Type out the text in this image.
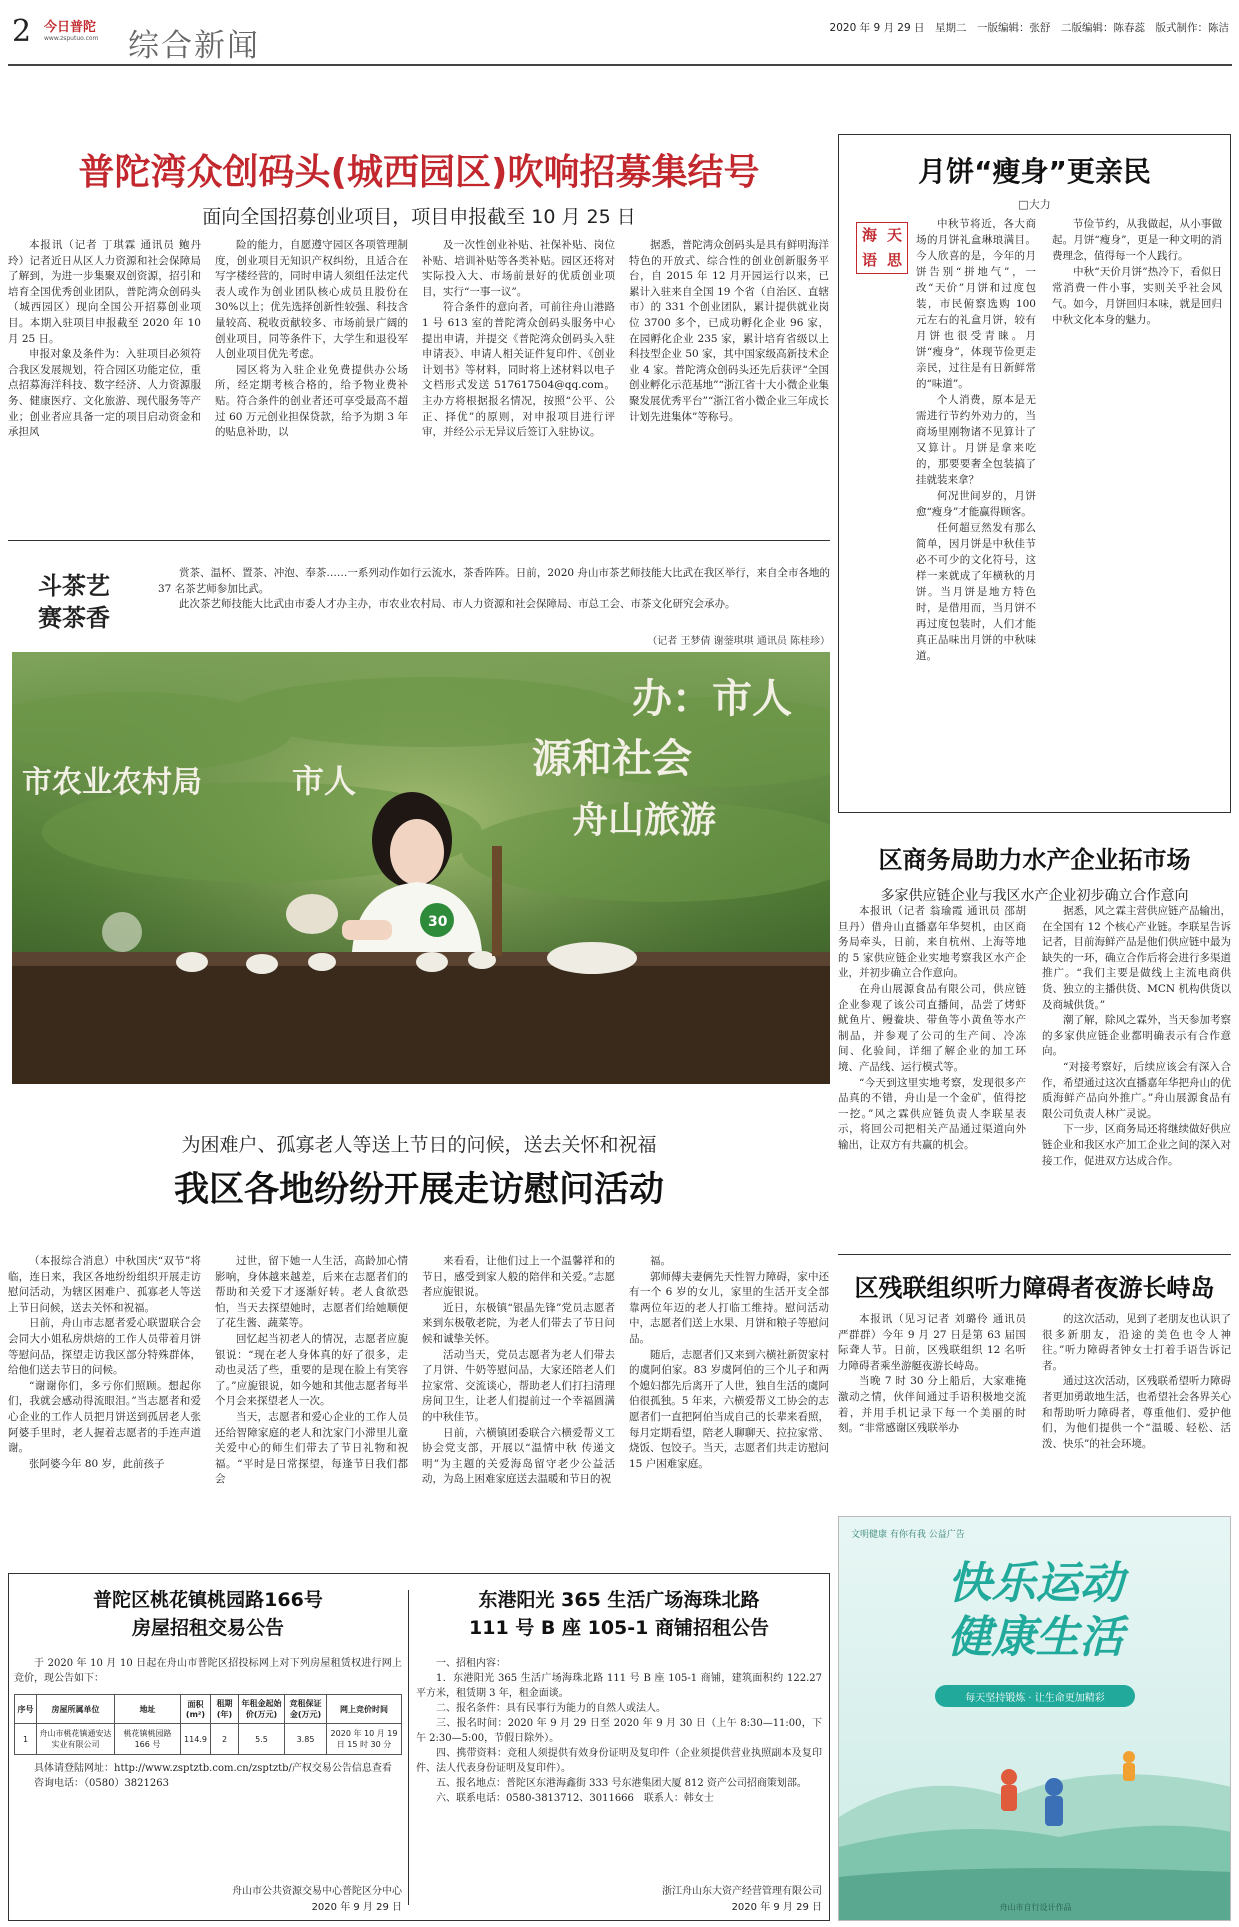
2 今日普陀
www.zsputuo.com 综合新闻	2020 年 9 月 29 日　星期二　一版编辑：张舒　二版编辑：陈春蕊　版式制作：陈洁
普陀湾众创码头(城西园区)吹响招募集结号
面向全国招募创业项目，项目申报截至 10 月 25 日

本报讯（记者 丁琪霖 通讯员 鲍丹玲）记者近日从区人力资源和社会保障局了解到，为进一步集聚双创资源，招引和培育全国优秀创业团队，普陀湾众创码头（城西园区）现向全国公开招募创业项目。本期入驻项目申报截至 2020 年 10 月 25 日。

申报对象及条件为：入驻项目必须符合我区发展规划，符合园区功能定位，重点招募海洋科技、数字经济、人力资源服务、健康医疗、文化旅游、现代服务等产业；创业者应具备一定的项目启动资金和承担风

险的能力，自愿遵守园区各项管理制度，创业项目无知识产权纠纷，且适合在写字楼经营的，同时申请人须组任法定代表人或作为创业团队核心成员且股份在 30%以上；优先选择创新性较强、科技含量较高、税收贡献较多、市场前景广阔的创业项目，同等条件下，大学生和退役军人创业项目优先考虑。

园区将为入驻企业免费提供办公场所，经定期考核合格的，给予物业费补贴。符合条件的创业者还可享受最高不超过 60 万元创业担保贷款，给予为期 3 年的贴息补助，以

及一次性创业补贴、社保补贴、岗位补贴、培训补贴等各类补贴。园区还将对实际投入大、市场前景好的优质创业项目，实行“一事一议”。

符合条件的意向者，可前往舟山港路 1 号 613 室的普陀湾众创码头服务中心提出申请，并提交《普陀湾众创码头入驻申请表》、申请人相关证件复印件、《创业计划书》等材料，同时将上述材料以电子文档形式发送 517617504@qq.com。主办方将根据报名情况，按照“公平、公正、择优”的原则，对申报项目进行评审，并经公示无异议后签订入驻协议。

据悉，普陀湾众创码头是具有鲜明海洋特色的开放式、综合性的创业创新服务平台，自 2015 年 12 月开园运行以来，已累计入驻来自全国 19 个省（自治区、直辖市）的 331 个创业团队，累计提供就业岗位 3700 多个，已成功孵化企业 96 家，在园孵化企业 235 家，累计培育省级以上科技型企业 50 家，其中国家级高新技术企业 4 家。普陀湾众创码头还先后获评“全国创业孵化示范基地”“浙江省十大小微企业集聚发展优秀平台”“浙江省小微企业三年成长计划先进集体”等称号。

斗茶艺
赛茶香

赏茶、温杯、置茶、冲泡、奉茶……一系列动作如行云流水，茶香阵阵。日前，2020 舟山市茶艺师技能大比武在我区举行，来自全市各地的 37 名茶艺师参加比武。

此次茶艺师技能大比武由市委人才办主办，市农业农村局、市人力资源和社会保障局、市总工会、市茶文化研究会承办。

（记者 王梦倩 谢蓥琪琪 通讯员 陈桂珍）
办：市人
源和社会
舟山旅游
市农业农村局	市人
30
为困难户、孤寡老人等送上节日的问候，送去关怀和祝福
我区各地纷纷开展走访慰问活动

（本报综合消息）中秋国庆“双节”将临，连日来，我区各地纷纷组织开展走访慰问活动，为辖区困难户、孤寡老人等送上节日问候，送去关怀和祝福。

日前，舟山市志愿者爱心联盟联合会会同大小姐私房烘焙的工作人员带着月饼等慰问品，探望走访我区部分特殊群体，给他们送去节日的问候。

“谢谢你们，多亏你们照顾。想起你们，我就会感动得流眼泪。”当志愿者和爱心企业的工作人员把月饼送到孤居老人张阿婆手里时，老人握着志愿者的手连声道谢。

张阿婆今年 80 岁，此前孩子

过世，留下她一人生活，高龄加心情影响，身体越来越差，后来在志愿者们的帮助和关爱下才逐渐好转。老人食欲恐怕，当天去探望她时，志愿者们给她顺便了花生酱、蔬菜等。

回忆起当初老人的情况，志愿者应旎银说：“现在老人身体真的好了很多，走动也灵活了些，重要的是现在脸上有笑容了。”应旎银说，如今她和其他志愿者每半个月会来探望老人一次。

当天，志愿者和爱心企业的工作人员还给智障家庭的老人和沈家门小滞里儿童关爱中心的师生们带去了节日礼物和祝福。“平时是日常探望，每逢节日我们都会

来看看，让他们过上一个温馨祥和的节日，感受到家人般的陪伴和关爱。”志愿者应旎银说。

近日，东极镇“银晶先锋”党员志愿者来到东极敬老院，为老人们带去了节日问候和诚挚关怀。

活动当天，党员志愿者为老人们带去了月饼、牛奶等慰问品，大家还陪老人们拉家常、交流谈心，帮助老人们打扫清理房间卫生，让老人们提前过一个幸福圆满的中秋佳节。

日前，六横镇团委联合六横爱帮义工协会党支部，开展以“温情中秋 传递文明”为主题的关爱海岛留守老少公益活动，为岛上困难家庭送去温暖和节日的祝

福。

郭师傅夫妻俩先天性智力障碍，家中还有一个 6 岁的女儿，家里的生活开支全部靠两位年迈的老人打临工维持。慰问活动中，志愿者们送上水果、月饼和粮子等慰问品。

随后，志愿者们又来到六横社新贺家村的虞阿伯家。83 岁虞阿伯的三个儿子和两个媳妇都先后离开了人世，独自生活的虞阿伯很孤独。5 年来，六横爱帮义工协会的志愿者们一直把阿伯当成自己的长辈来看照，每月定期看望，陪老人聊聊天、拉拉家常、烧饭、包饺子。当天，志愿者们共走访慰问 15 户困难家庭。

普陀区桃花镇桃园路166号
房屋招租交易公告
于 2020 年 10 月 10 日起在舟山市普陀区招投标网上对下列房屋租赁权进行网上竞价，现公告如下：
序号	房屋所属单位	地址	面积(m²)	租期(年)	年租金起始价(万元)	竞租保证金(万元)	网上竞价时间
1	舟山市桃花镇通安达实业有限公司	桃花镇桃园路 166 号	114.9	2	5.5	3.85	2020 年 10 月 19 日 15 时 30 分
具体请登陆网址：http://www.zsptztb.com.cn/zsptztb/产权交易公告信息查看
咨询电话：（0580）3821263
舟山市公共资源交易中心普陀区分中心
2020 年 9 月 29 日
东港阳光 365 生活广场海珠北路
111 号 B 座 105-1 商铺招租公告

一、招租内容：

1．东港阳光 365 生活广场海珠北路 111 号 B 座 105-1 商铺，建筑面积约 122.27 平方米，租赁期 3 年，租金面谈。

二、报名条件：具有民事行为能力的自然人或法人。

三、报名时间：2020 年 9 月 29 日至 2020 年 9 月 30 日（上午 8:30—11:00，下午 2:30—5:00，节假日除外）。

四、携带资料：竞租人须提供有效身份证明及复印件（企业须提供营业执照副本及复印件、法人代表身份证明及复印件）。

五、报名地点：普陀区东港海鑫街 333 号东港集团大厦 812 资产公司招商策划部。

六、联系电话：0580-3813712、3011666　联系人：韩女士

浙江舟山东大资产经营管理有限公司
2020 年 9 月 29 日
月饼“瘦身”更亲民
□大力
海 天
语 思

中秋节将近，各大商场的月饼礼盒琳琅满目。今人欣喜的是，今年的月饼告别“拼地气”，一改“天价”月饼和过度包装，市民俯察选购 100 元左右的礼盒月饼，较有月饼也很受青睐。月饼“瘦身”，体现节俭更走亲民，过往是有日新鲜常的“味道”。

个人消费，原本是无需进行节约外劝力的，当商场里刚物诸不见算计了又算计。月饼是拿来吃的，那要要奢全包装搞了挂就装来拿？

何况世间岁的，月饼愈“瘦身”才能赢得顾客。

任何超豆然发有那么简单，因月饼是中秋佳节必不可少的文化符号，这样一来就成了年横秋的月饼。当月饼是地方特色时，是借用而，当月饼不再过度包装时，人们才能真正品味出月饼的中秋味道。

节俭节约，从我做起，从小事做起。月饼“瘦身”，更是一种文明的消费理念，值得每一个人践行。

中秋“天价月饼”热冷下，看似日常消费一件小事，实则关乎社会风气。如今，月饼回归本味，就是回归中秋文化本身的魅力。

区商务局助力水产企业拓市场
多家供应链企业与我区水产企业初步确立合作意向

本报讯（记者 翁瑜霞 通讯员 邵胡旦丹）借舟山直播嘉年华契机，由区商务局牵头，日前，来自杭州、上海等地的 5 家供应链企业实地考察我区水产企业，并初步确立合作意向。

在舟山展源食品有限公司，供应链企业参观了该公司直播间，品尝了烤虾鱿鱼片、鳗鲞块、带鱼等小黄鱼等水产制品，并参观了公司的生产间、冷冻间、化验间，详细了解企业的加工环境、产品线、运行模式等。

“今天到这里实地考察，发现很多产品真的不错，舟山是一个金矿，值得挖一挖。”风之霖供应链负责人李联星表示，将回公司把相关产品通过渠道向外输出，让双方有共赢的机会。

据悉，风之霖主营供应链产品输出，在全国有 12 个核心产业链。李联星告诉记者，目前海鲜产品是他们供应链中最为缺失的一环，确立合作后将会进行多渠道推广。“我们主要是做线上主流电商供货、独立的主播供货、MCN 机构供货以及商城供货。”

潮了解，除风之霖外，当天参加考察的多家供应链企业都明确表示有合作意向。

“对接考察好，后续应该会有深入合作，希望通过这次直播嘉年华把舟山的优质海鲜产品向外推广。”舟山展源食品有限公司负责人林广灵说。

下一步，区商务局还将继续做好供应链企业和我区水产加工企业之间的深入对接工作，促进双方达成合作。

区残联组织听力障碍者夜游长峙岛

本报讯（见习记者 刘璐伶 通讯员 严群群）今年 9 月 27 日是第 63 届国际聋人节。日前，区残联组织 12 名听力障碍者乘坐游艇夜游长峙岛。

当晚 7 时 30 分上船后，大家难掩激动之情，伙伴间通过手语积极地交流着，并用手机记录下每一个美丽的时刻。“非常感谢区残联举办

的这次活动，见到了老朋友也认识了很多新朋友，沿途的美色也令人神往。”听力障碍者钟女士打着手语告诉记者。

通过这次活动，区残联希望听力障碍者更加勇敢地生活，也希望社会各界关心和帮助听力障碍者，尊重他们、爱护他们，为他们提供一个“温暖、轻松、活泼、快乐”的社会环境。

文明健康 有你有我 公益广告
快乐运动
健康生活
每天坚持锻炼 · 让生命更加精彩
舟山市自行设计作品
